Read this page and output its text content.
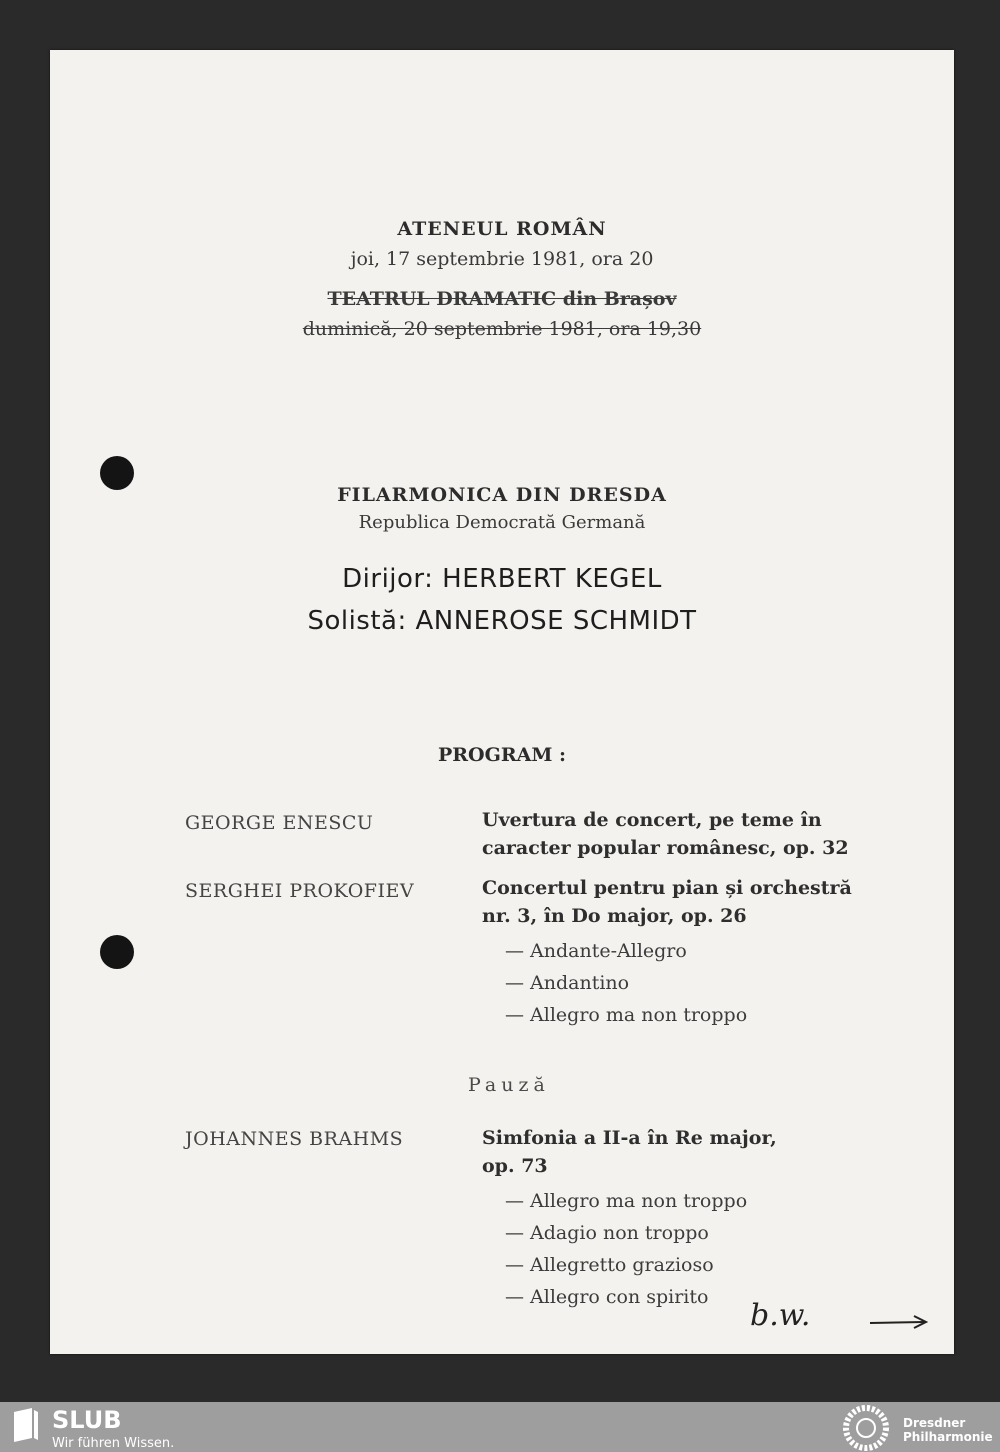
ATENEUL ROMÂN
joi, 17 septembrie 1981, ora 20
TEATRUL DRAMATIC din Brașov
duminică, 20 septembrie 1981, ora 19,30
FILARMONICA DIN DRESDA
Republica Democrată Germană
Dirijor: HERBERT KEGEL
Solistă: ANNEROSE SCHMIDT
PROGRAM :
GEORGE ENESCU	Uvertura de concert, pe teme în
caracter popular românesc, op. 32
SERGHEI PROKOFIEV	Concertul pentru pian și orchestră
nr. 3, în Do major, op. 26
— Andante-Allegro
— Andantino
— Allegro ma non troppo
Pauză
JOHANNES BRAHMS	Simfonia a II-a în Re major,
op. 73
— Allegro ma non troppo
— Adagio non troppo
— Allegretto grazioso
— Allegro con spirito
b.w.
SLUB
Wir führen Wissen.
Dresdner
Philharmonie
